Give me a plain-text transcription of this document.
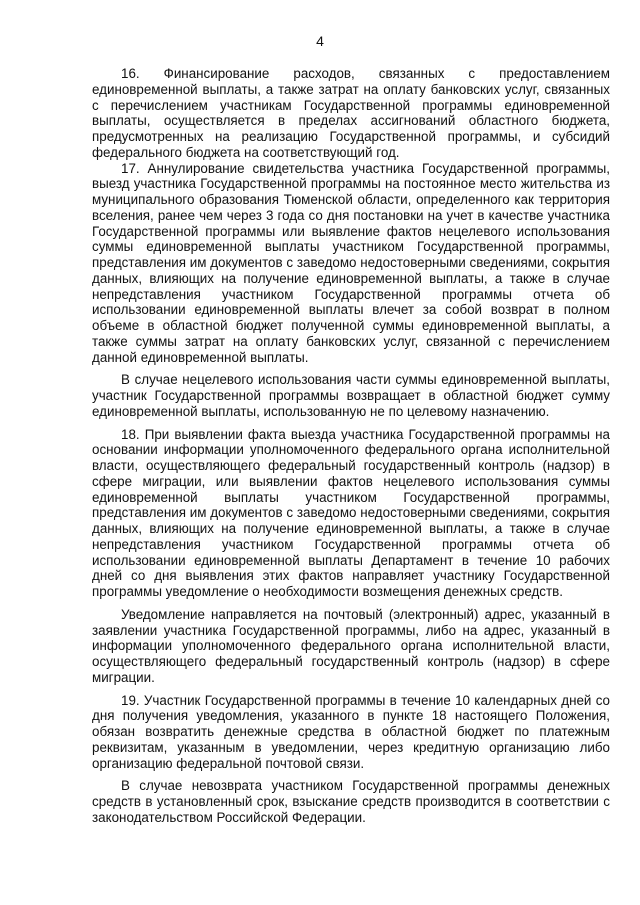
4

16. Финансирование расходов, связанных с предоставлением единовременной выплаты, а также затрат на оплату банковских услуг, связанных с перечислением участникам Государственной программы единовременной выплаты, осуществляется в пределах ассигнований областного бюджета, предусмотренных на реализацию Государственной программы, и субсидий федерального бюджета на соответствующий год.

17. Аннулирование свидетельства участника Государственной программы, выезд участника Государственной программы на постоянное место жительства из муниципального образования Тюменской области, определенного как территория вселения, ранее чем через 3 года со дня постановки на учет в качестве участника Государственной программы или выявление фактов нецелевого использования суммы единовременной выплаты участником Государственной программы, представления им документов с заведомо недостоверными сведениями, сокрытия данных, влияющих на получение единовременной выплаты, а также в случае непредставления участником Государственной программы отчета об использовании единовременной выплаты влечет за собой возврат в полном объеме в областной бюджет полученной суммы единовременной выплаты, а также суммы затрат на оплату банковских услуг, связанной с перечислением данной единовременной выплаты.

В случае нецелевого использования части суммы единовременной выплаты, участник Государственной программы возвращает в областной бюджет сумму единовременной выплаты, использованную не по целевому назначению.

18. При выявлении факта выезда участника Государственной программы на основании информации уполномоченного федерального органа исполнительной власти, осуществляющего федеральный государственный контроль (надзор) в сфере миграции, или выявлении фактов нецелевого использования суммы единовременной выплаты участником Государственной программы, представления им документов с заведомо недостоверными сведениями, сокрытия данных, влияющих на получение единовременной выплаты, а также в случае непредставления участником Государственной программы отчета об использовании единовременной выплаты Департамент в течение 10 рабочих дней со дня выявления этих фактов направляет участнику Государственной программы уведомление о необходимости возмещения денежных средств.

Уведомление направляется на почтовый (электронный) адрес, указанный в заявлении участника Государственной программы, либо на адрес, указанный в информации уполномоченного федерального органа исполнительной власти, осуществляющего федеральный государственный контроль (надзор) в сфере миграции.

19. Участник Государственной программы в течение 10 календарных дней со дня получения уведомления, указанного в пункте 18 настоящего Положения, обязан возвратить денежные средства в областной бюджет по платежным реквизитам, указанным в уведомлении, через кредитную организацию либо организацию федеральной почтовой связи.

В случае невозврата участником Государственной программы денежных средств в установленный срок, взыскание средств производится в соответствии с законодательством Российской Федерации.
